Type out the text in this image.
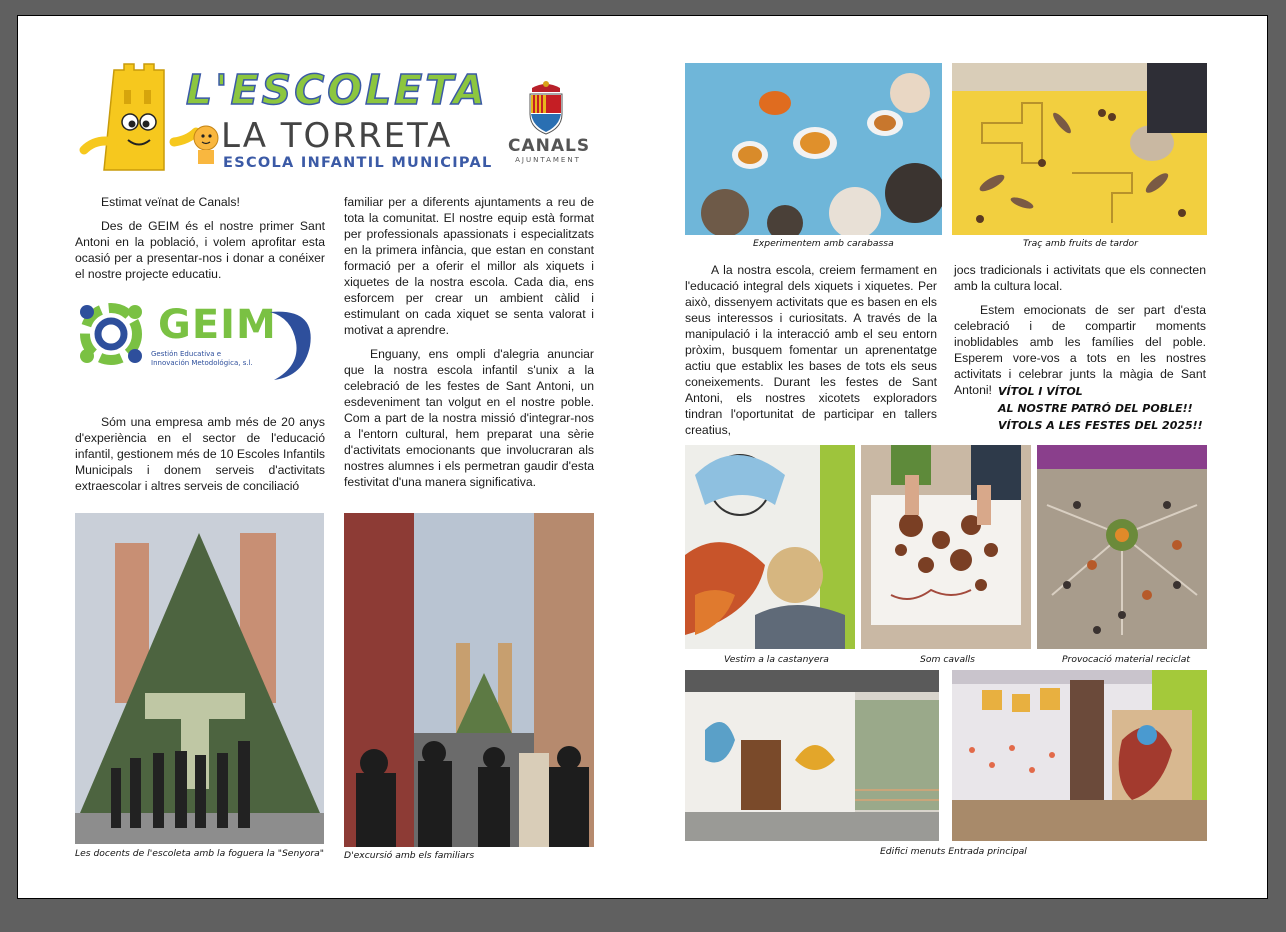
L'ESCOLETA
LA TORRETA
ESCOLA INFANTIL MUNICIPAL
CANALS
AJUNTAMENT

Estimat veïnat de Canals!

Des de GEIM és el nostre primer Sant Antoni en la població, i volem aprofitar esta ocasió per a presentar-nos i donar a conéixer el nostre projecte educatiu.

GEIM
Gestión Educativa e
Innovación Metodológica, s.l.

Sóm una empresa amb més de 20 anys d'experiència en el sector de l'educació infantil, gestionem més de 10 Escoles Infantils Municipals i donem serveis d'activitats extraescolar i altres serveis de conciliació

familiar per a diferents ajuntaments a reu de tota la comunitat. El nostre equip està format per professionals apassionats i especialitzats en la primera infància, que estan en constant formació per a oferir el millor als xiquets i xiquetes de la nostra escola. Cada dia, ens esforcem per crear un ambient càlid i estimulant on cada xiquet se senta valorat i motivat a aprendre.

Enguany, ens ompli d'alegria anunciar que la nostra escola infantil s'unix a la celebració de les festes de Sant Antoni, un esdeveniment tan volgut en el nostre poble. Com a part de la nostra missió d'integrar-nos a l'entorn cultural, hem preparat una sèrie d'activitats emocionants que involucraran als nostres alumnes i els permetran gaudir d'esta festivitat d'una manera significativa.

Les docents de l'escoleta amb la foguera la "Senyora" D'excursió amb els familiars
Experimentem amb carabassa	Traç amb fruits de tardor

A la nostra escola, creiem fermament en l'educació integral dels xiquets i xiquetes. Per això, dissenyem activitats que es basen en els seus interessos i curiositats. A través de la manipulació i la interacció amb el seu entorn pròxim, busquem fomentar un aprenentatge actiu que establix les bases de tots els seus coneixements. Durant les festes de Sant Antoni, els nostres xicotets exploradors tindran l'oportunitat de participar en tallers creatius,

jocs tradicionals i activitats que els connecten amb la cultura local.

Estem emocionats de ser part d'esta celebració i de compartir moments inoblidables amb les famílies del poble. Esperem vore-vos a tots en les nostres activitats i celebrar junts la màgia de Sant Antoni! VÍTOL I VÍTOL
AL NOSTRE PATRÓ DEL POBLE!!
VÍTOLS A LES FESTES DEL 2025!!
Vestim a la castanyera	Som cavalls	Provocació material reciclat
Edifici menuts Entrada principal
